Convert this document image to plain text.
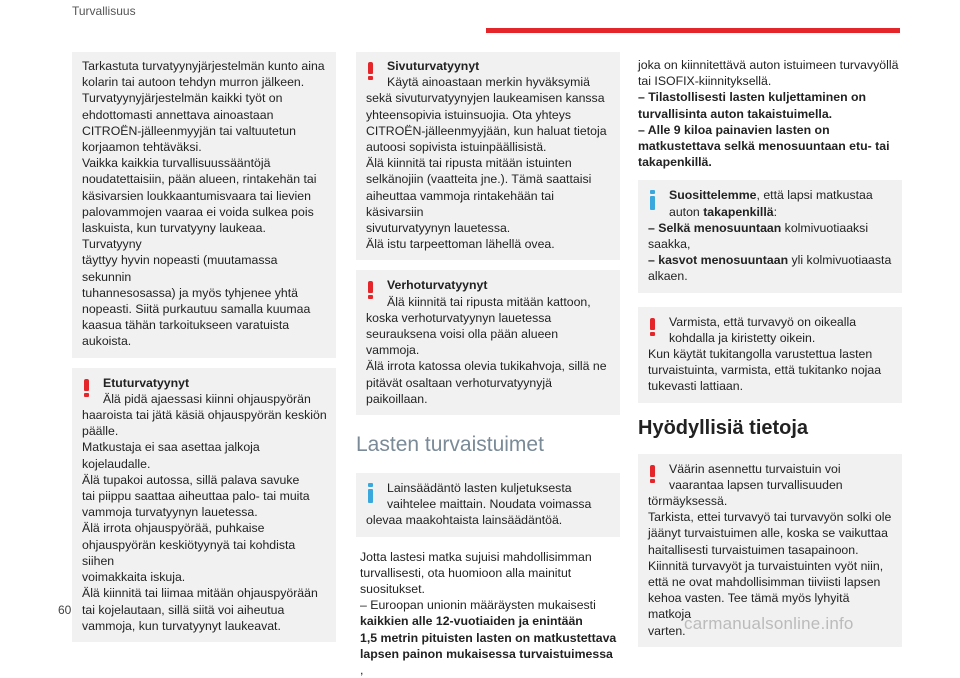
Turvallisuus
Tarkastuta turvatyynyjärjestelmän kunto aina
kolarin tai autoon tehdyn murron jälkeen.
Turvatyynyjärjestelmän kaikki työt on
ehdottomasti annettava ainoastaan
CITROËN-jälleenmyyjän tai valtuutetun
korjaamon tehtäväksi.
Vaikka kaikkia turvallisuussääntöjä
noudatettaisiin, pään alueen, rintakehän tai
käsivarsien loukkaantumisvaara tai lievien
palovammojen vaaraa ei voida sulkea pois
laskuista, kun turvatyyny laukeaa. Turvatyyny
täyttyy hyvin nopeasti (muutamassa sekunnin
tuhannesosassa) ja myös tyhjenee yhtä
nopeasti. Siitä purkautuu samalla kuumaa
kaasua tähän tarkoitukseen varatuista
aukoista.
Etuturvatyynyt
Älä pidä ajaessasi kiinni ohjauspyörän
haaroista tai jätä käsiä ohjauspyörän keskiön
päälle.
Matkustaja ei saa asettaa jalkoja kojelaudalle.
Älä tupakoi autossa, sillä palava savuke
tai piippu saattaa aiheuttaa palo- tai muita
vammoja turvatyynyn lauetessa.
Älä irrota ohjauspyörää, puhkaise
ohjauspyörän keskiötyynyä tai kohdista siihen
voimakkaita iskuja.
Älä kiinnitä tai liimaa mitään ohjauspyörään
tai kojelautaan, sillä siitä voi aiheutua
vammoja, kun turvatyynyt laukeavat.
Sivuturvatyynyt
Käytä ainoastaan merkin hyväksymiä
sekä sivuturvatyynyjen laukeamisen kanssa
yhteensopivia istuinsuojia. Ota yhteys
CITROËN-jälleenmyyjään, kun haluat tietoja
autoosi sopivista istuinpäällisistä.
Älä kiinnitä tai ripusta mitään istuinten
selkänojiin (vaatteita jne.). Tämä saattaisi
aiheuttaa vammoja rintakehään tai käsivarsiin
sivuturvatyynyn lauetessa.
Älä istu tarpeettoman lähellä ovea.
Verhoturvatyynyt
Älä kiinnitä tai ripusta mitään kattoon,
koska verhoturvatyynyn lauetessa
seurauksena voisi olla pään alueen vammoja.
Älä irrota katossa olevia tukikahvoja, sillä ne
pitävät osaltaan verhoturvatyynyjä paikoillaan.
Lasten turvaistuimet
Lainsäädäntö lasten kuljetuksesta
vaihtelee maittain. Noudata voimassa
olevaa maakohtaista lainsäädäntöä.
Jotta lastesi matka sujuisi mahdollisimman
turvallisesti, ota huomioon alla mainitut
suositukset.
– Euroopan unionin määräysten mukaisesti
kaikkien alle 12-vuotiaiden ja enintään
1,5 metrin pituisten lasten on matkustettava
lapsen painon mukaisessa turvaistuimessa
,
joka on kiinnitettävä auton istuimeen turvavyöllä
tai ISOFIX-kiinnityksellä.
– Tilastollisesti lasten kuljettaminen on
turvallisinta auton takaistuimella.
– Alle 9 kiloa painavien lasten on
matkustettava selkä menosuuntaan etu- tai
takapenkillä.
Suosittelemme, että lapsi matkustaa
auton takapenkillä:
– Selkä menosuuntaan kolmivuotiaaksi
saakka,
– kasvot menosuuntaan yli kolmivuotiaasta
alkaen.
Varmista, että turvavyö on oikealla
kohdalla ja kiristetty oikein.
Kun käytät tukitangolla varustettua lasten
turvaistuinta, varmista, että tukitanko nojaa
tukevasti lattiaan.
Hyödyllisiä tietoja
Väärin asennettu turvaistuin voi
vaarantaa lapsen turvallisuuden
törmäyksessä.
Tarkista, ettei turvavyö tai turvavyön solki ole
jäänyt turvaistuimen alle, koska se vaikuttaa
haitallisesti turvaistuimen tasapainoon.
Kiinnitä turvavyöt ja turvaistuinten vyöt niin,
että ne ovat mahdollisimman tiiviisti lapsen
kehoa vasten. Tee tämä myös lyhyitä matkoja
varten.
60
carmanualsonline.info
